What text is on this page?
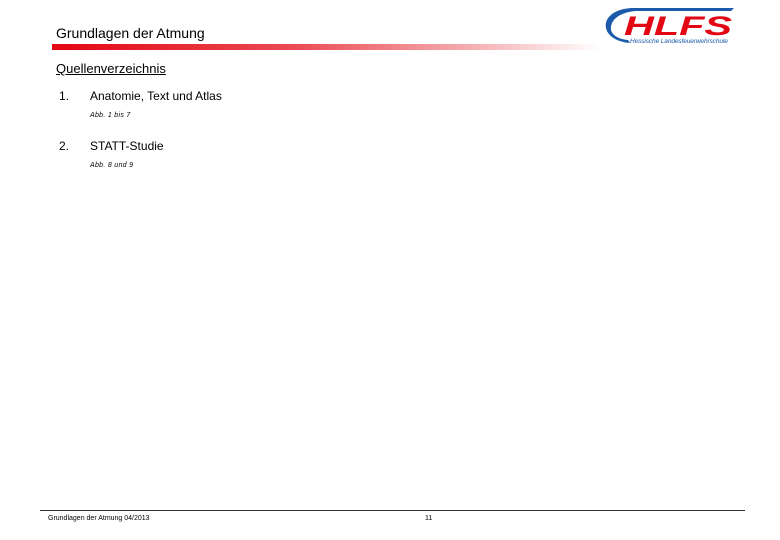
Grundlagen der Atmung	HLFS
Hessische Landesfeuerwehrschule
Quellenverzeichnis
1. Anatomie, Text und Atlas
Abb. 1 bis 7
2. STATT-Studie
Abb. 8 und 9
Grundlagen der Atmung 04/2013	11
